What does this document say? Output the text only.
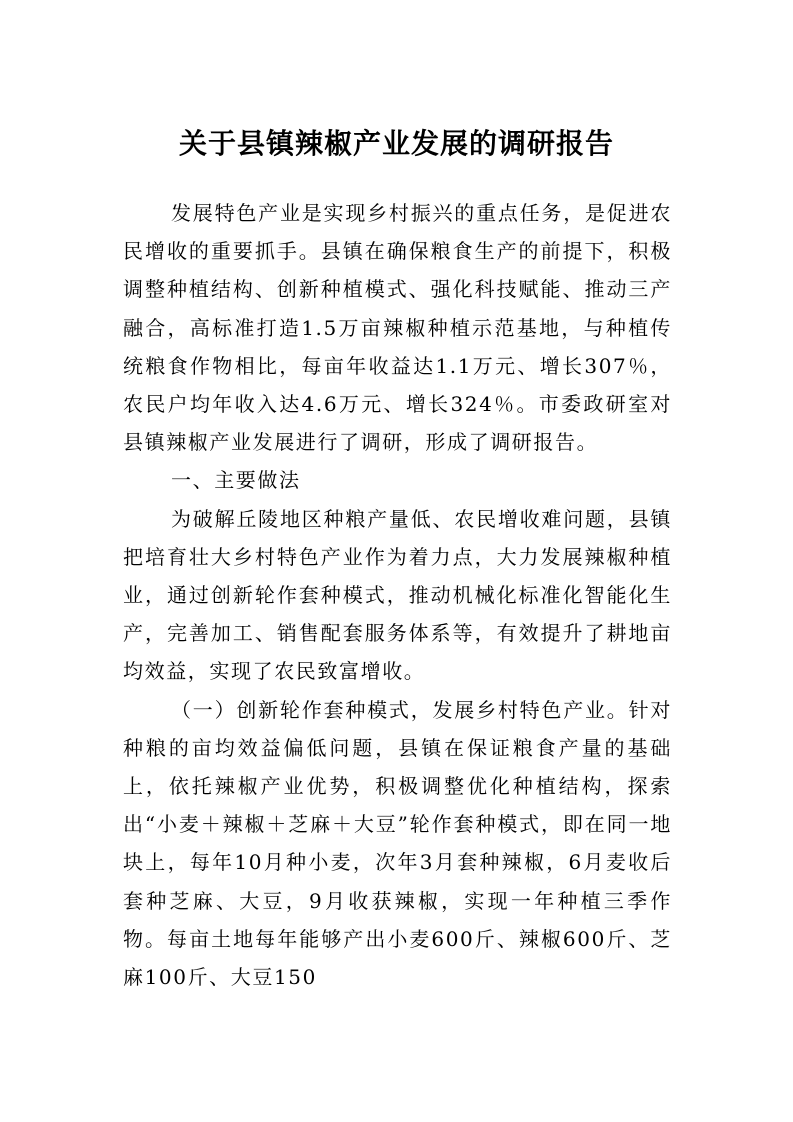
关于县镇辣椒产业发展的调研报告

发展特色产业是实现乡村振兴的重点任务，是促进农民增收的重要抓手。县镇在确保粮食生产的前提下，积极调整种植结构、创新种植模式、强化科技赋能、推动三产融合，高标准打造1.5万亩辣椒种植示范基地，与种植传统粮食作物相比，每亩年收益达1.1万元、增长307％，农民户均年收入达4.6万元、增长324％。市委政研室对县镇辣椒产业发展进行了调研，形成了调研报告。

一、主要做法

为破解丘陵地区种粮产量低、农民增收难问题，县镇把培育壮大乡村特色产业作为着力点，大力发展辣椒种植业，通过创新轮作套种模式，推动机械化标准化智能化生产，完善加工、销售配套服务体系等，有效提升了耕地亩均效益，实现了农民致富增收。

（一）创新轮作套种模式，发展乡村特色产业。针对种粮的亩均效益偏低问题，县镇在保证粮食产量的基础上，依托辣椒产业优势，积极调整优化种植结构，探索出“小麦＋辣椒＋芝麻＋大豆”轮作套种模式，即在同一地块上，每年10月种小麦，次年3月套种辣椒，6月麦收后套种芝麻、大豆，9月收获辣椒，实现一年种植三季作物。每亩土地每年能够产出小麦600斤、辣椒600斤、芝麻100斤、大豆150
